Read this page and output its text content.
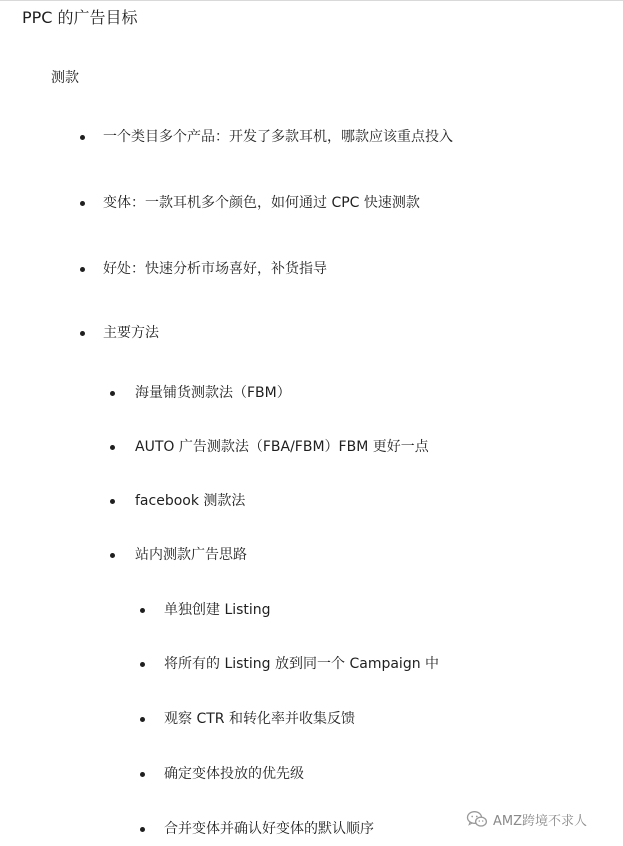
PPC 的广告目标
测款
一个类目多个产品：开发了多款耳机，哪款应该重点投入
变体：一款耳机多个颜色，如何通过 CPC 快速测款
好处：快速分析市场喜好，补货指导
主要方法
海量铺货测款法（FBM）
AUTO 广告测款法（FBA/FBM）FBM 更好一点
facebook 测款法
站内测款广告思路
单独创建 Listing
将所有的 Listing 放到同一个 Campaign 中
观察 CTR 和转化率并收集反馈
确定变体投放的优先级
合并变体并确认好变体的默认顺序	AMZ跨境不求人
